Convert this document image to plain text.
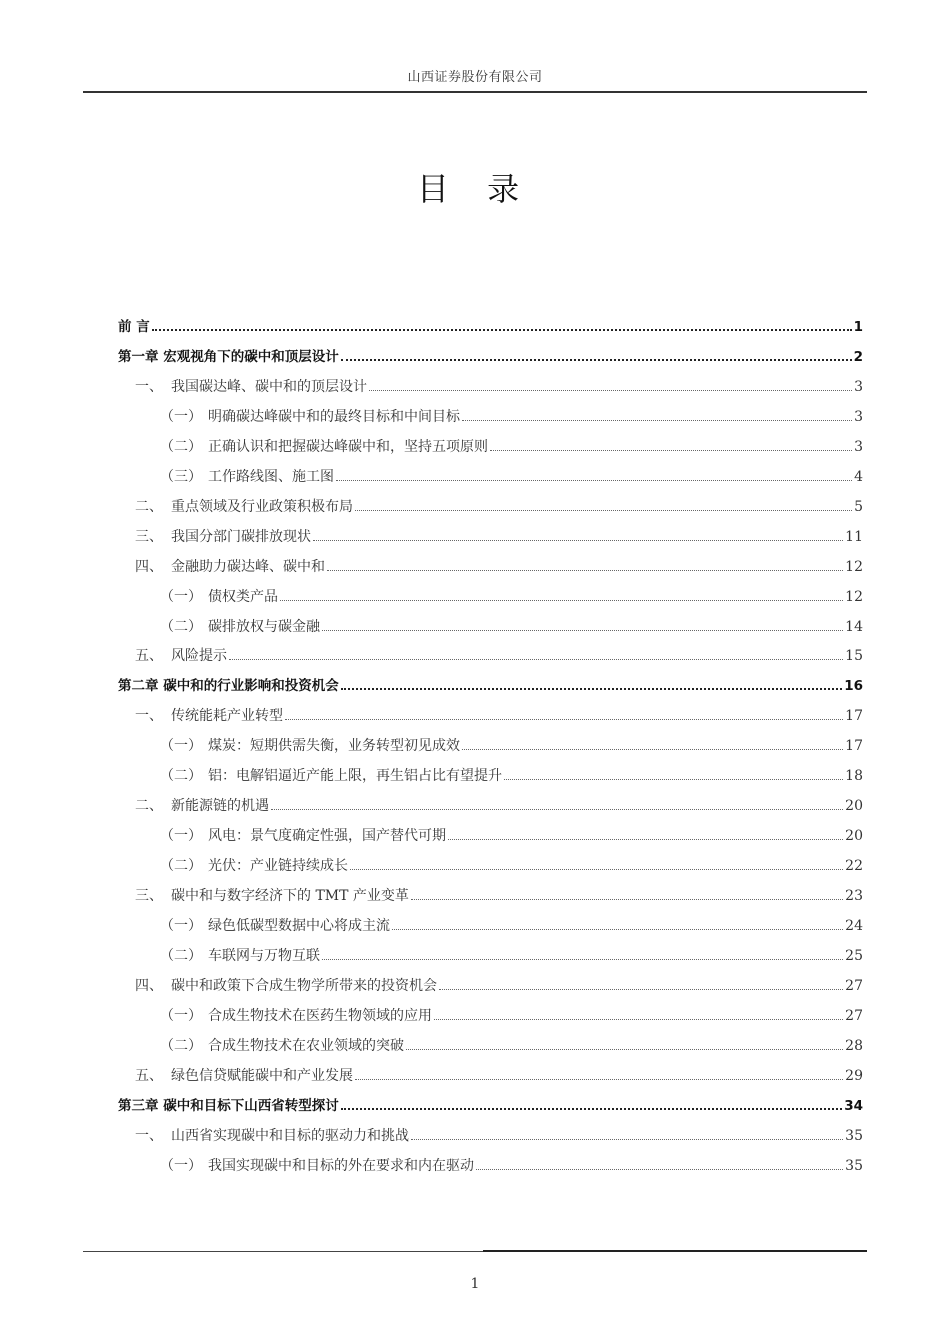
山西证券股份有限公司
目 录
前 言	1
第一章 宏观视角下的碳中和顶层设计	2
一、 我国碳达峰、碳中和的顶层设计	3
（一） 明确碳达峰碳中和的最终目标和中间目标	3
（二） 正确认识和把握碳达峰碳中和，坚持五项原则	3
（三） 工作路线图、施工图	4
二、 重点领域及行业政策积极布局	5
三、 我国分部门碳排放现状	11
四、 金融助力碳达峰、碳中和	12
（一） 债权类产品	12
（二） 碳排放权与碳金融	14
五、 风险提示	15
第二章 碳中和的行业影响和投资机会	16
一、 传统能耗产业转型	17
（一） 煤炭：短期供需失衡，业务转型初见成效	17
（二） 铝：电解铝逼近产能上限，再生铝占比有望提升	18
二、 新能源链的机遇	20
（一） 风电：景气度确定性强，国产替代可期	20
（二） 光伏：产业链持续成长	22
三、 碳中和与数字经济下的 TMT 产业变革	23
（一） 绿色低碳型数据中心将成主流	24
（二） 车联网与万物互联	25
四、 碳中和政策下合成生物学所带来的投资机会	27
（一） 合成生物技术在医药生物领域的应用	27
（二） 合成生物技术在农业领域的突破	28
五、 绿色信贷赋能碳中和产业发展	29
第三章 碳中和目标下山西省转型探讨	34
一、 山西省实现碳中和目标的驱动力和挑战	35
（一） 我国实现碳中和目标的外在要求和内在驱动	35
1
